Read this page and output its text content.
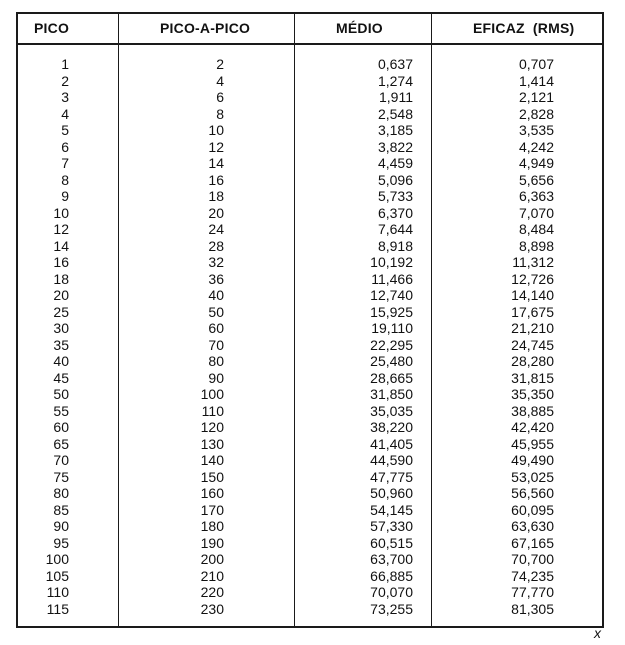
PICO	PICO-A-PICO	MÉDIO	EFICAZ  (RMS)
1	2	0,637	0,707
2	4	1,274	1,414
3	6	1,911	2,121
4	8	2,548	2,828
5	10	3,185	3,535
6	12	3,822	4,242
7	14	4,459	4,949
8	16	5,096	5,656
9	18	5,733	6,363
10	20	6,370	7,070
12	24	7,644	8,484
14	28	8,918	8,898
16	32	10,192	11,312
18	36	11,466	12,726
20	40	12,740	14,140
25	50	15,925	17,675
30	60	19,110	21,210
35	70	22,295	24,745
40	80	25,480	28,280
45	90	28,665	31,815
50	100	31,850	35,350
55	110	35,035	38,885
60	120	38,220	42,420
65	130	41,405	45,955
70	140	44,590	49,490
75	150	47,775	53,025
80	160	50,960	56,560
85	170	54,145	60,095
90	180	57,330	63,630
95	190	60,515	67,165
100	200	63,700	70,700
105	210	66,885	74,235
110	220	70,070	77,770
115	230	73,255	81,305
x
